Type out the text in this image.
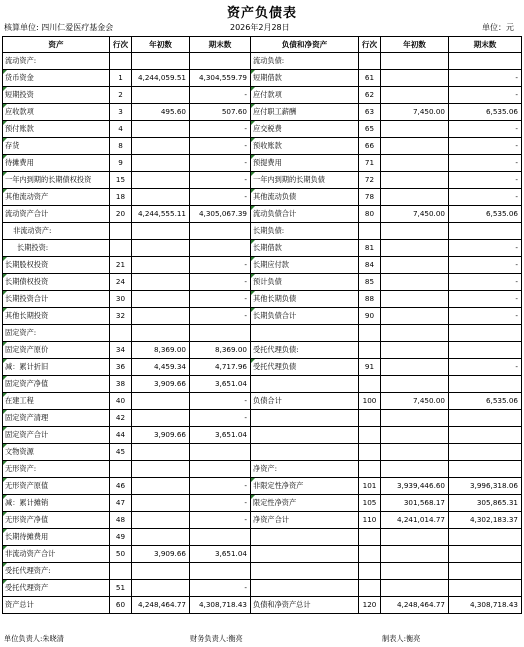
资产负债表
核算单位: 四川仁爱医疗基金会	2026年2月28日	单位：元
资产	行次	年初数	期末数	负债和净资产	行次	年初数	期末数
流动资产:				流动负债:			
货币资金	1	4,244,059.51	4,304,559.79	短期借款	61		-
短期投资	2		-	应付款项	62		-
应收款项	3	495.60	507.60	应付职工薪酬	63	7,450.00	6,535.06
预付账款	4		-	应交税费	65		-
存货	8		-	预收账款	66		-
待摊费用	9		-	预提费用	71		-
一年内到期的长期债权投资	15		-	一年内到期的长期负债	72		-
其他流动资产	18		-	其他流动负债	78		-
流动资产合计	20	4,244,555.11	4,305,067.39	流动负债合计	80	7,450.00	6,535.06
非流动资产:				长期负债:			
长期投资:				长期借款	81		-
长期股权投资	21		-	长期应付款	84		-
长期债权投资	24		-	预计负债	85		-
长期投资合计	30		-	其他长期负债	88		-
其他长期投资	32		-	长期负债合计	90		-
固定资产:							
固定资产原价	34	8,369.00	8,369.00	受托代理负债:			
减：累计折旧	36	4,459.34	4,717.96	受托代理负债	91		-
固定资产净值	38	3,909.66	3,651.04				
在建工程	40		-	负债合计	100	7,450.00	6,535.06
固定资产清理	42		-				
固定资产合计	44	3,909.66	3,651.04				
文物资源	45						
无形资产:				净资产:			
无形资产原值	46		-	非限定性净资产	101	3,939,446.60	3,996,318.06
减：累计摊销	47		-	限定性净资产	105	301,568.17	305,865.31
无形资产净值	48		-	净资产合计	110	4,241,014.77	4,302,183.37
长期待摊费用	49						
非流动资产合计	50	3,909.66	3,651.04				
受托代理资产:							
受托代理资产	51		-				
资产总计	60	4,248,464.77	4,308,718.43	负债和净资产总计	120	4,248,464.77	4,308,718.43
单位负责人:朱晓清	财务负责人:衡亮	制表人:衡亮
